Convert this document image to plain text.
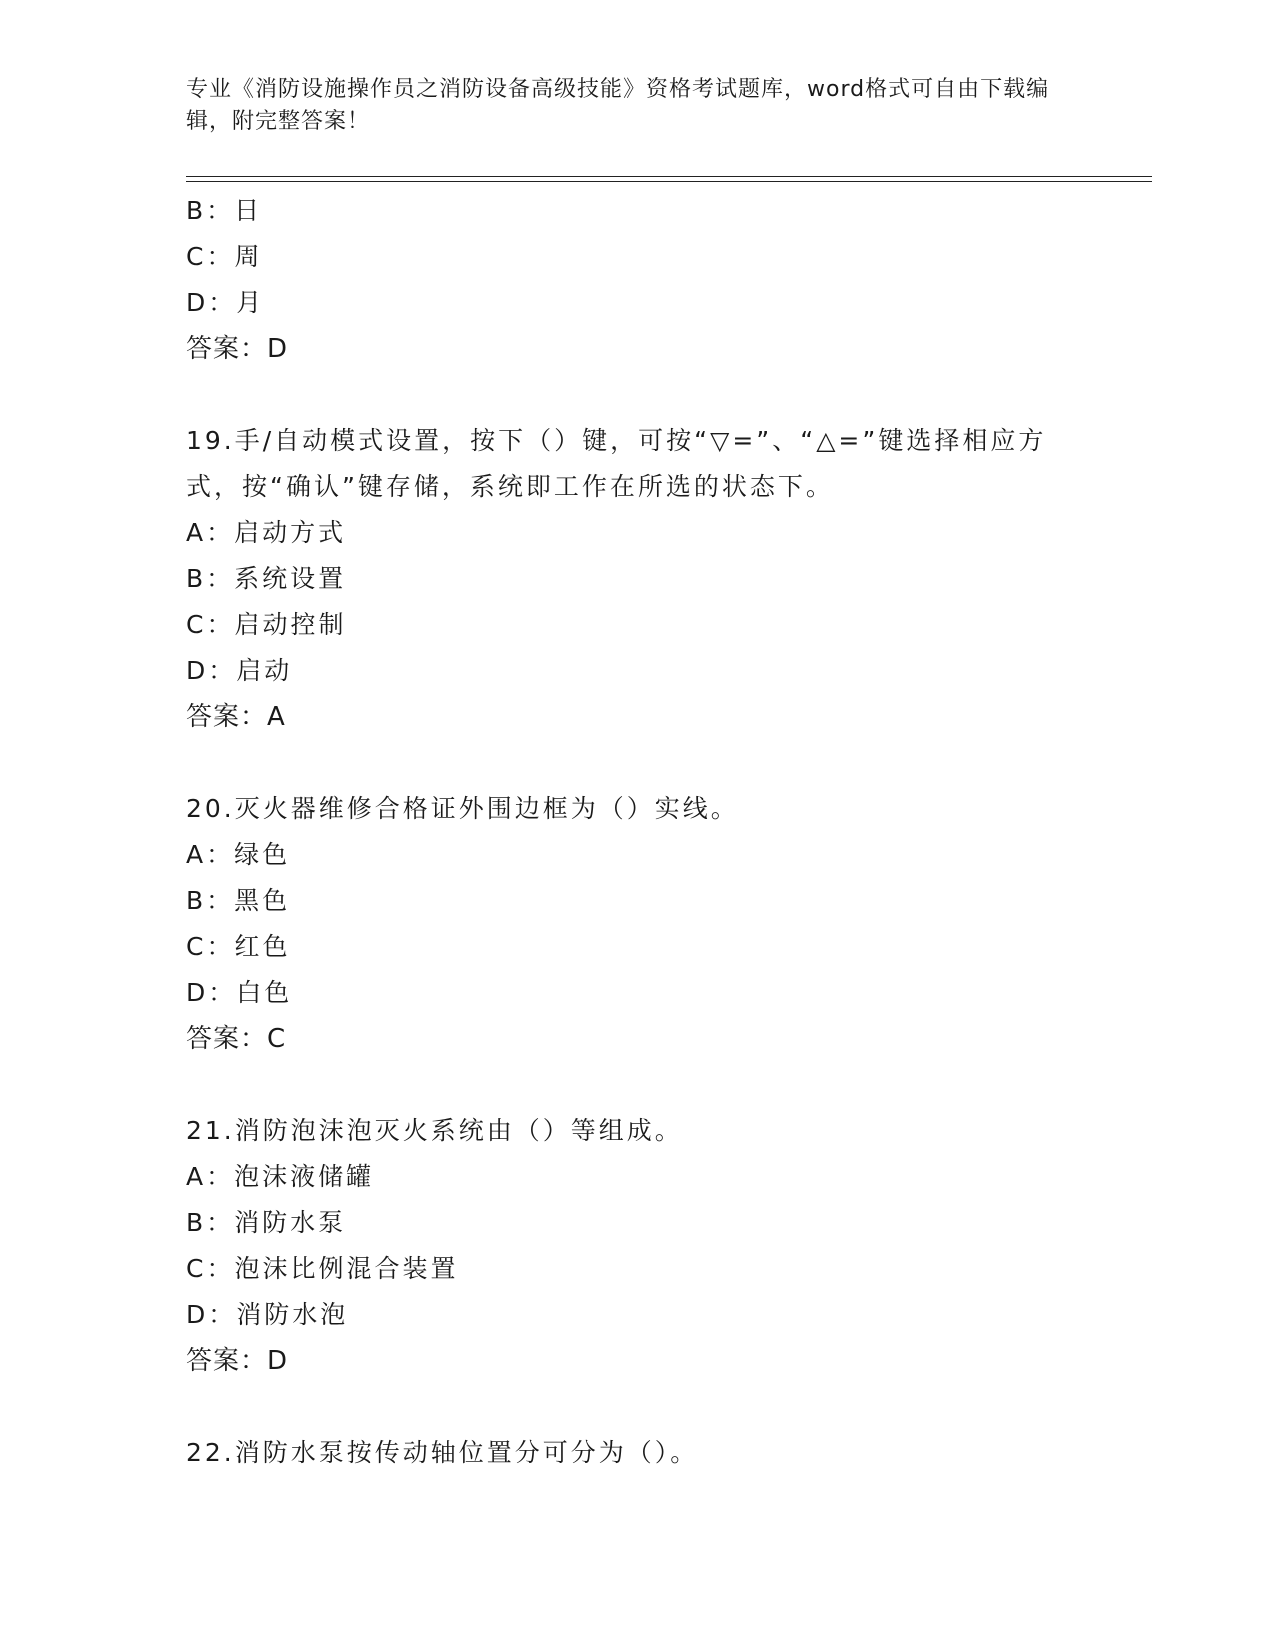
专业《消防设施操作员之消防设备高级技能》资格考试题库，word格式可自由下载编辑，附完整答案！
B：日
C：周
D：月
答案：D
19.手/自动模式设置，按下（）键，可按“▽=”、“△=”键选择相应方式，按“确认”键存储，系统即工作在所选的状态下。
A：启动方式
B：系统设置
C：启动控制
D：启动
答案：A
20.灭火器维修合格证外围边框为（）实线。
A：绿色
B：黑色
C：红色
D：白色
答案：C
21.消防泡沫泡灭火系统由（）等组成。
A：泡沫液储罐
B：消防水泵
C：泡沫比例混合装置
D：消防水泡
答案：D
22.消防水泵按传动轴位置分可分为（）。
